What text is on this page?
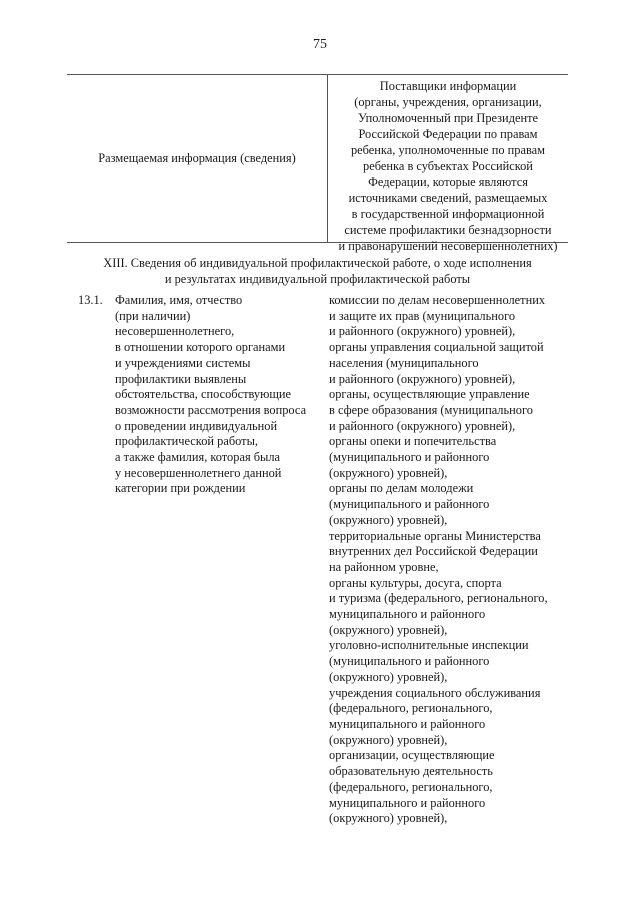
75
Размещаемая информация (сведения)
Поставщики информации
(органы, учреждения, организации,
Уполномоченный при Президенте
Российской Федерации по правам
ребенка, уполномоченные по правам
ребенка в субъектах Российской
Федерации, которые являются
источниками сведений, размещаемых
в государственной информационной
системе профилактики безнадзорности
и правонарушений несовершеннолетних)
XIII. Сведения об индивидуальной профилактической работе, о ходе исполнения
и результатах индивидуальной профилактической работы
13.1. Фамилия, имя, отчество
(при наличии)
несовершеннолетнего,
в отношении которого органами
и учреждениями системы
профилактики выявлены
обстоятельства, способствующие
возможности рассмотрения вопроса
о проведении индивидуальной
профилактической работы,
а также фамилия, которая была
у несовершеннолетнего данной
категории при рождении
комиссии по делам несовершеннолетних
и защите их прав (муниципального
и районного (окружного) уровней),
органы управления социальной защитой
населения (муниципального
и районного (окружного) уровней),
органы, осуществляющие управление
в сфере образования (муниципального
и районного (окружного) уровней),
органы опеки и попечительства
(муниципального и районного
(окружного) уровней),
органы по делам молодежи
(муниципального и районного
(окружного) уровней),
территориальные органы Министерства
внутренних дел Российской Федерации
на районном уровне,
органы культуры, досуга, спорта
и туризма (федерального, регионального,
муниципального и районного
(окружного) уровней),
уголовно-исполнительные инспекции
(муниципального и районного
(окружного) уровней),
учреждения социального обслуживания
(федерального, регионального,
муниципального и районного
(окружного) уровней),
организации, осуществляющие
образовательную деятельность
(федерального, регионального,
муниципального и районного
(окружного) уровней),
